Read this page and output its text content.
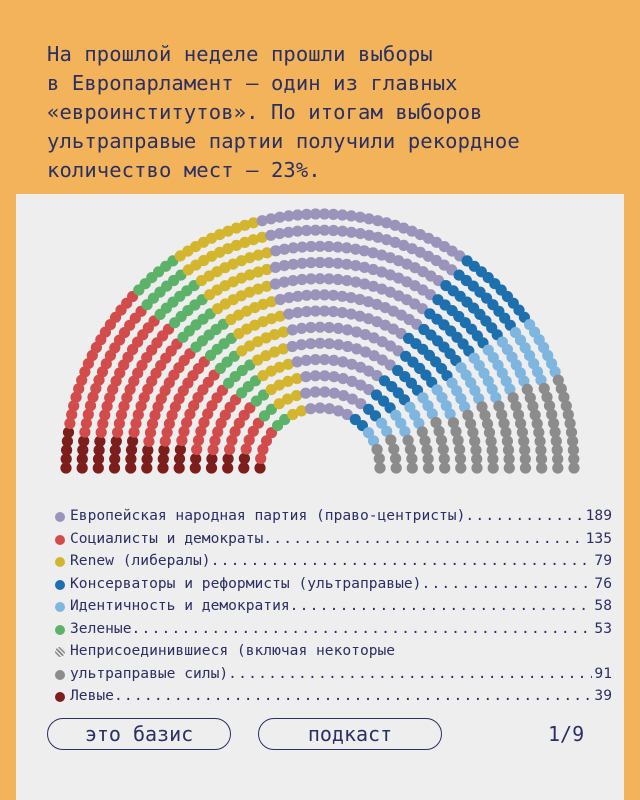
На прошлой неделе прошли выборы
в Европарламент — один из главных
«евроинститутов». По итогам выборов
ультраправые партии получили рекордное
количество мест – 23%.
Европейская народная партия (право-центристы) .....	189
Социалисты и демократы .....	135
Renew (либералы) .....	79
Консерваторы и реформисты (ультраправые) .....	76
Идентичность и демократия .....	58
Зеленые .....	53
Неприсоединившиеся (включая некоторые
ультраправые силы) .....	91
Левые .....	39
это базис	подкаст	1/9
